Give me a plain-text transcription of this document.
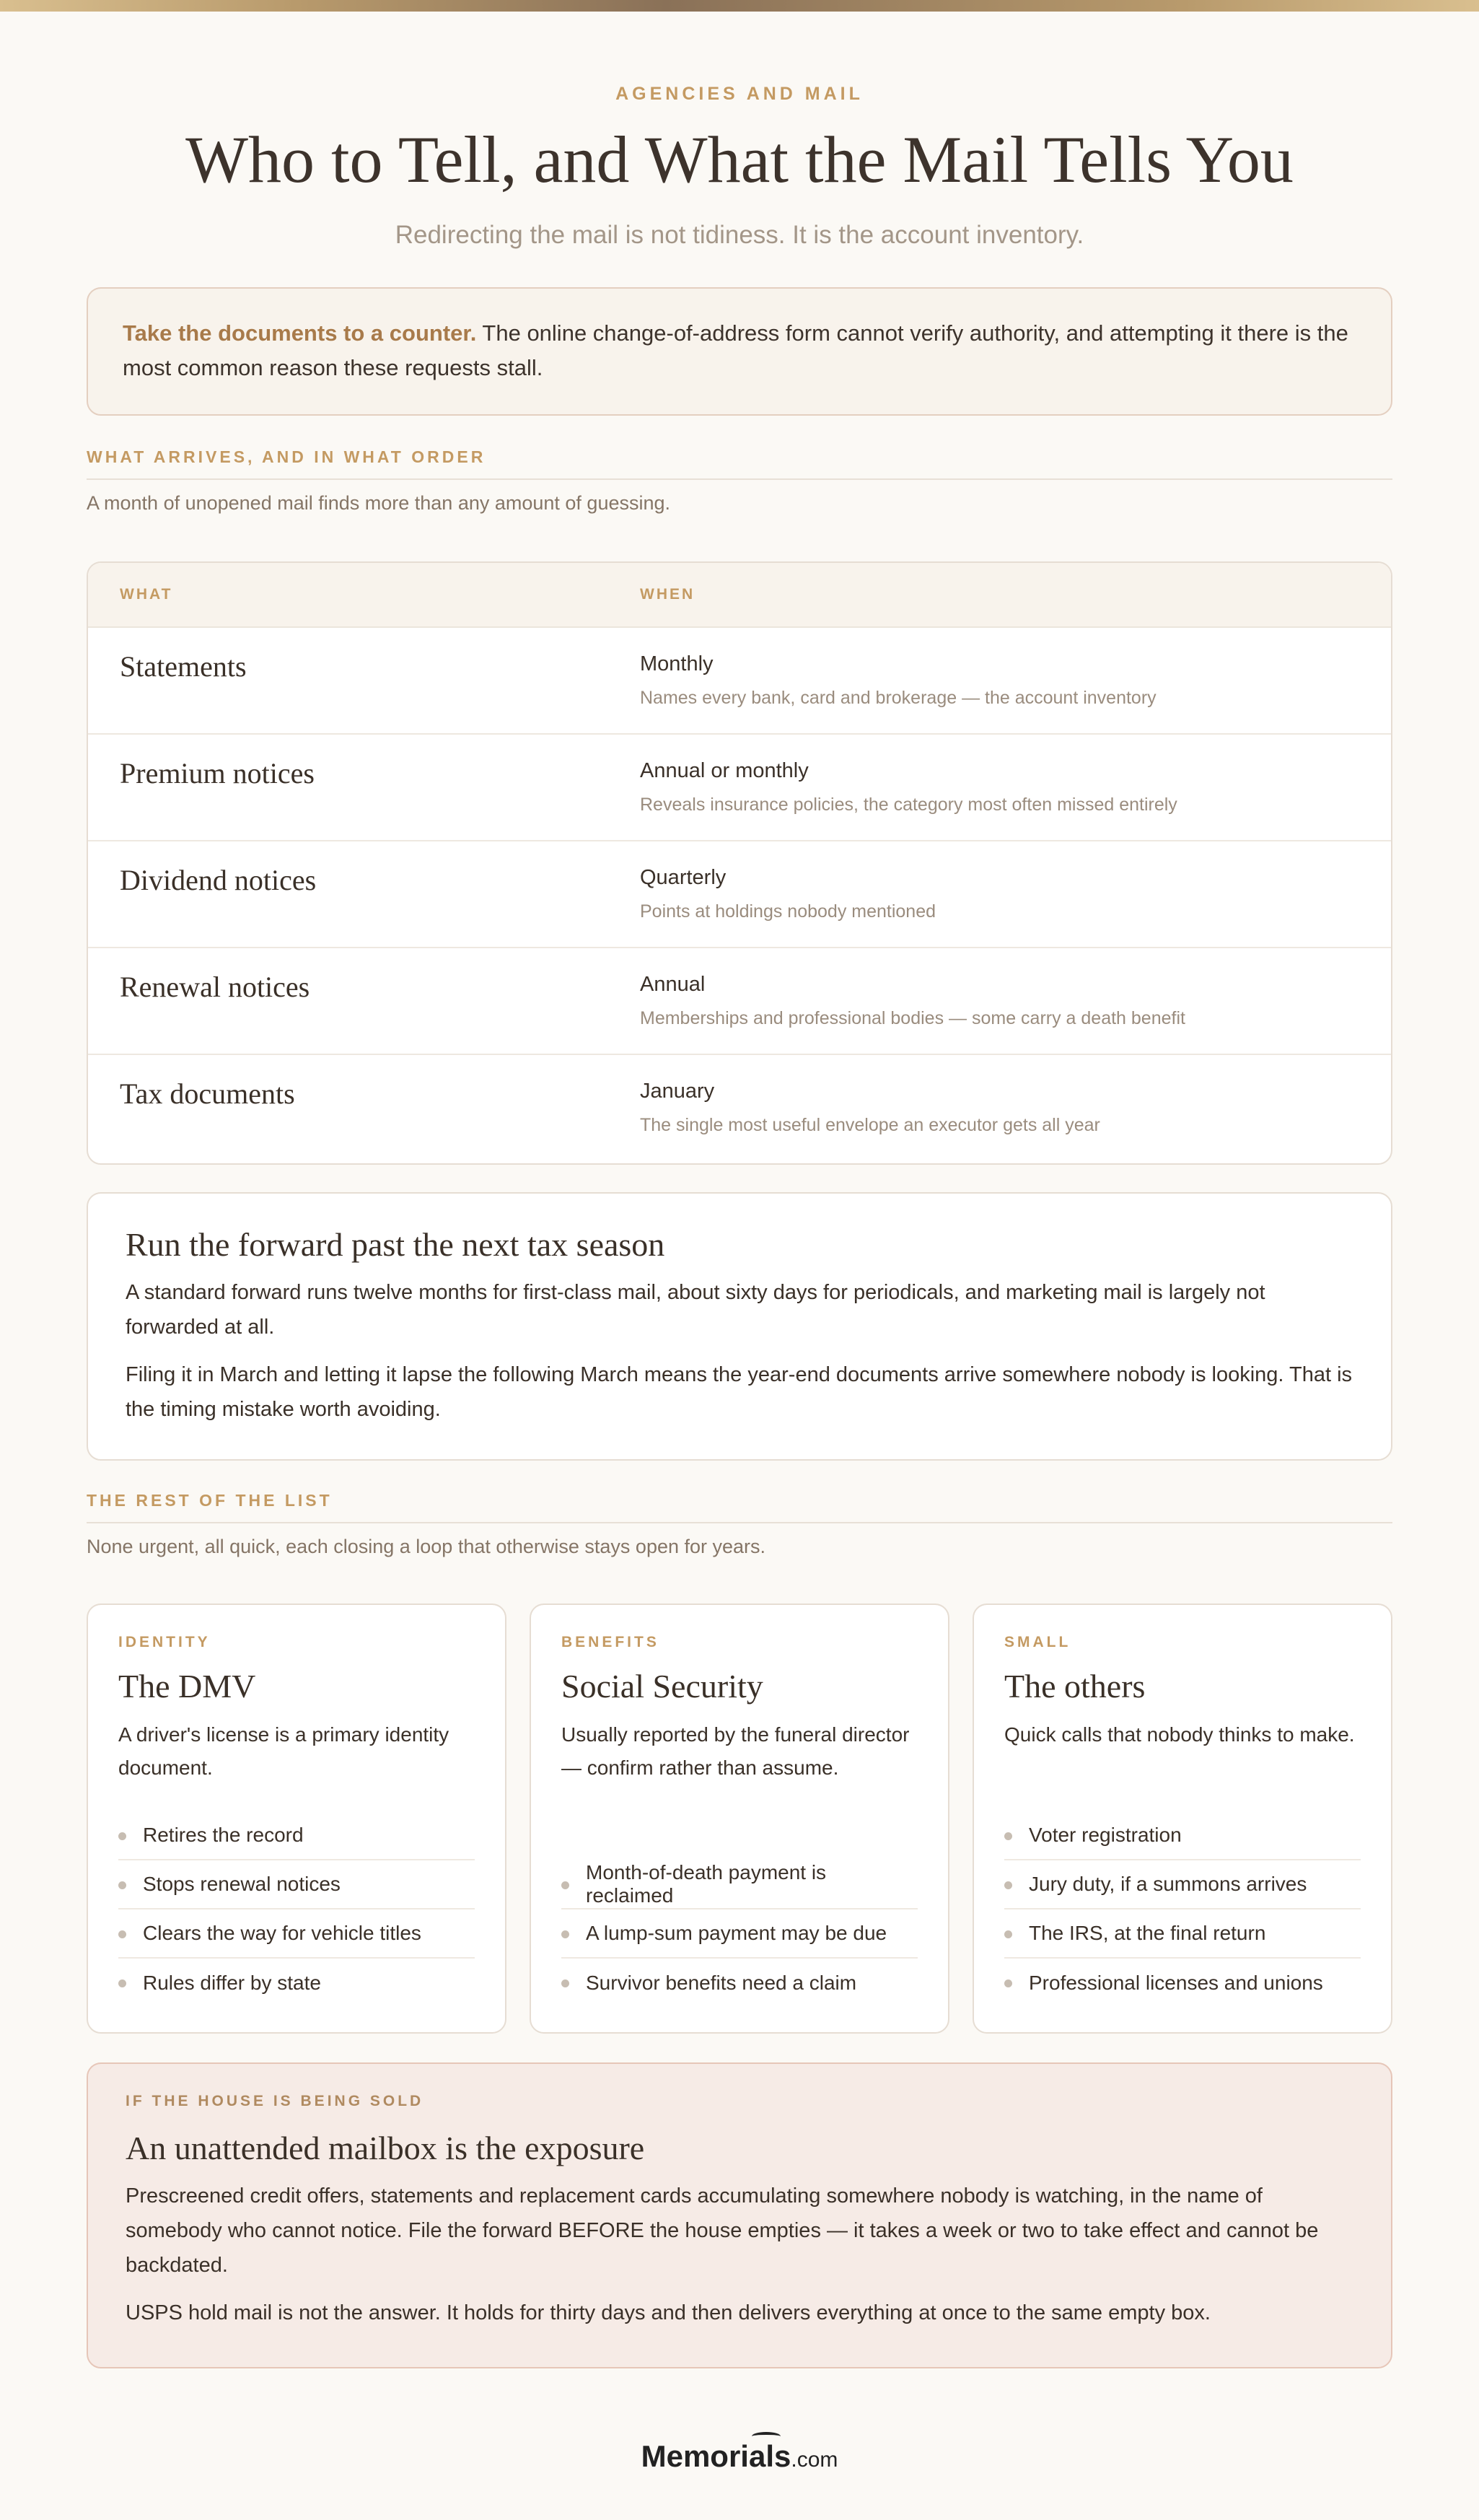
AGENCIES AND MAIL
Who to Tell, and What the Mail Tells You
Redirecting the mail is not tidiness. It is the account inventory.
Take the documents to a counter. The online change-of-address form cannot verify authority, and attempting it there is the most common reason these requests stall.
WHAT ARRIVES, AND IN WHAT ORDER
A month of unopened mail finds more than any amount of guessing.
WHAT	WHEN
Statements	Monthly
Names every bank, card and brokerage — the account inventory
Premium notices	Annual or monthly
Reveals insurance policies, the category most often missed entirely
Dividend notices	Quarterly
Points at holdings nobody mentioned
Renewal notices	Annual
Memberships and professional bodies — some carry a death benefit
Tax documents	January
The single most useful envelope an executor gets all year
Run the forward past the next tax season

A standard forward runs twelve months for first-class mail, about sixty days for periodicals, and marketing mail is largely not forwarded at all.

Filing it in March and letting it lapse the following March means the year-end documents arrive somewhere nobody is looking. That is the timing mistake worth avoiding.

THE REST OF THE LIST
None urgent, all quick, each closing a loop that otherwise stays open for years.
IDENTITY
The DMV
A driver's license is a primary identity document.
Retires the record
Stops renewal notices
Clears the way for vehicle titles
Rules differ by state
BENEFITS
Social Security
Usually reported by the funeral director — confirm rather than assume.
Month-of-death payment is reclaimed
A lump-sum payment may be due
Survivor benefits need a claim
SMALL
The others
Quick calls that nobody thinks to make.
Voter registration
Jury duty, if a summons arrives
The IRS, at the final return
Professional licenses and unions
IF THE HOUSE IS BEING SOLD
An unattended mailbox is the exposure

Prescreened credit offers, statements and replacement cards accumulating somewhere nobody is watching, in the name of somebody who cannot notice. File the forward BEFORE the house empties — it takes a week or two to take effect and cannot be backdated.

USPS hold mail is not the answer. It holds for thirty days and then delivers everything at once to the same empty box.

Memorials.com
